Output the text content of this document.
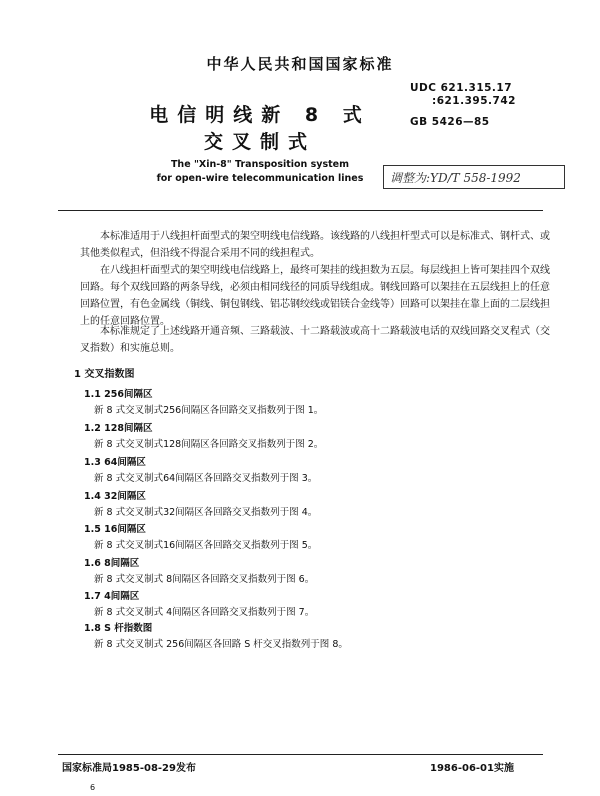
中华人民共和国国家标准
UDC 621.315.17
:621.395.742
GB 5426—85
电信明线新 8 式
交叉制式
The "Xin-8" Transposition system
for open-wire telecommunication lines	调整为:YD/T 558-1992
本标准适用于八线担杆面型式的架空明线电信线路。该线路的八线担杆型式可以是标准式、钢杆式、或其他类似程式，但沿线不得混合采用不同的线担程式。
在八线担杆面型式的架空明线电信线路上，最终可架挂的线担数为五层。每层线担上皆可架挂四个双线回路。每个双线回路的两条导线，必须由相同线径的同质导线组成。钢线回路可以架挂在五层线担上的任意回路位置，有色金属线（铜线、铜包钢线、铝芯钢绞线或铝镁合金线等）回路可以架挂在靠上面的二层线担上的任意回路位置。
本标准规定了上述线路开通音频、三路载波、十二路载波或高十二路载波电话的双线回路交叉程式（交叉指数）和实施总则。
1 交叉指数图
1.1 256间隔区
新 8 式交叉制式256间隔区各回路交叉指数列于图 1。
1.2 128间隔区
新 8 式交叉制式128间隔区各回路交叉指数列于图 2。
1.3 64间隔区
新 8 式交叉制式64间隔区各回路交叉指数列于图 3。
1.4 32间隔区
新 8 式交叉制式32间隔区各回路交叉指数列于图 4。
1.5 16间隔区
新 8 式交叉制式16间隔区各回路交叉指数列于图 5。
1.6 8间隔区
新 8 式交叉制式 8间隔区各回路交叉指数列于图 6。
1.7 4间隔区
新 8 式交叉制式 4间隔区各回路交叉指数列于图 7。
1.8 S 杆指数图
新 8 式交叉制式 256间隔区各回路 S 杆交叉指数列于图 8。
国家标准局1985-08-29发布	1986-06-01实施
6
